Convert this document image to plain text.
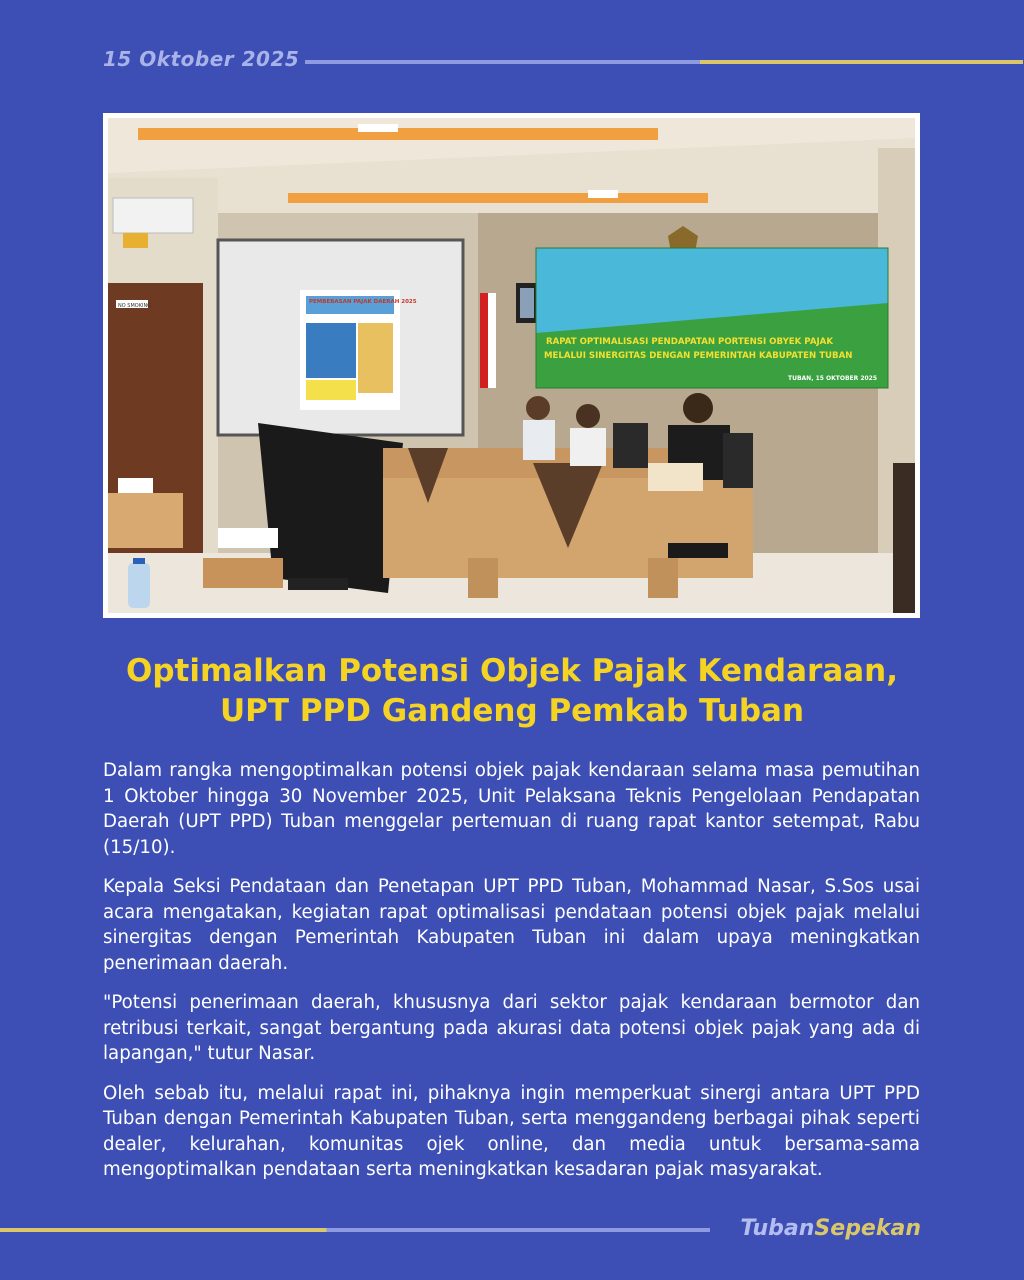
15 Oktober 2025
NO SMOKING
PEMBEBASAN PAJAK DAERAH 2025
RAPAT OPTIMALISASI PENDAPATAN PORTENSI OBYEK PAJAK
MELALUI SINERGITAS DENGAN PEMERINTAH KABUPATEN TUBAN
TUBAN, 15 OKTOBER 2025
Optimalkan Potensi Objek Pajak Kendaraan,
UPT PPD Gandeng Pemkab Tuban

Dalam rangka mengoptimalkan potensi objek pajak kendaraan selama masa pemutihan 1 Oktober hingga 30 November 2025, Unit Pelaksana Teknis Pengelolaan Pendapatan Daerah (UPT PPD) Tuban menggelar pertemuan di ruang rapat kantor setempat, Rabu (15/10).

Kepala Seksi Pendataan dan Penetapan UPT PPD Tuban, Mohammad Nasar, S.Sos usai acara mengatakan, kegiatan rapat optimalisasi pendataan potensi objek pajak melalui sinergitas dengan Pemerintah Kabupaten Tuban ini dalam upaya meningkatkan penerimaan daerah.

"Potensi penerimaan daerah, khususnya dari sektor pajak kendaraan bermotor dan retribusi terkait, sangat bergantung pada akurasi data potensi objek pajak yang ada di lapangan," tutur Nasar.

Oleh sebab itu, melalui rapat ini, pihaknya ingin memperkuat sinergi antara UPT PPD Tuban dengan Pemerintah Kabupaten Tuban, serta menggandeng berbagai pihak seperti dealer, kelurahan, komunitas ojek online, dan media untuk bersama-sama mengoptimalkan pendataan serta meningkatkan kesadaran pajak masyarakat.

TubanSepekan
